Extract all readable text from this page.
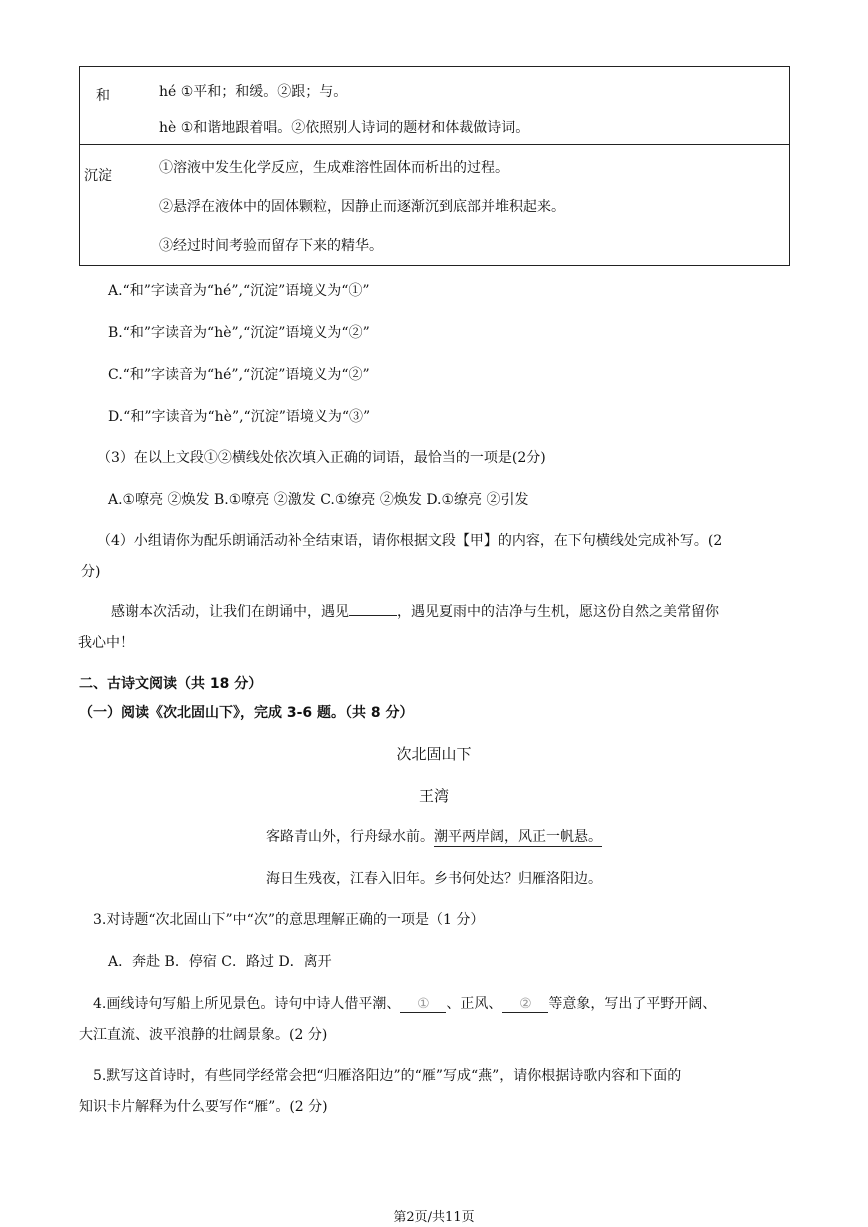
和	hé ①平和；和缓。②跟；与。
hè ①和谐地跟着唱。②依照别人诗词的题材和体裁做诗词。
沉淀	①溶液中发生化学反应，生成难溶性固体而析出的过程。
②悬浮在液体中的固体颗粒，因静止而逐渐沉到底部并堆积起来。
③经过时间考验而留存下来的精华。
A.“和”字读音为“hé”,“沉淀”语境义为“①”
B.“和”字读音为“hè”,“沉淀”语境义为“②”
C.“和”字读音为“hé”,“沉淀”语境义为“②”
D.“和”字读音为“hè”,“沉淀”语境义为“③”
（3）在以上文段①②横线处依次填入正确的词语，最恰当的一项是(2分)
A.①嘹亮 ②焕发 B.①嘹亮 ②激发 C.①缭亮 ②焕发 D.①缭亮 ②引发
（4）小组请你为配乐朗诵活动补全结束语，请你根据文段【甲】的内容，在下句横线处完成补写。(2
分)
感谢本次活动，让我们在朗诵中，遇见	，遇见夏雨中的洁净与生机，愿这份自然之美常留你
我心中！
二、古诗文阅读（共 18 分）
（一）阅读《次北固山下》，完成 3-6 题。（共 8 分）
次北固山下
王湾
客路青山外，行舟绿水前。潮平两岸阔，风正一帆悬。
海日生残夜，江春入旧年。乡书何处达？归雁洛阳边。
3.对诗题“次北固山下”中“次”的意思理解正确的一项是（1 分）
A．奔赴 B．停宿 C．路过 D．离开
4.画线诗句写船上所见景色。诗句中诗人借平潮、 ① 、正风、 ② 等意象，写出了平野开阔、
大江直流、波平浪静的壮阔景象。(2 分)
5.默写这首诗时，有些同学经常会把“归雁洛阳边”的“雁”写成“燕”，请你根据诗歌内容和下面的
知识卡片解释为什么要写作“雁”。(2 分)
第2页/共11页
